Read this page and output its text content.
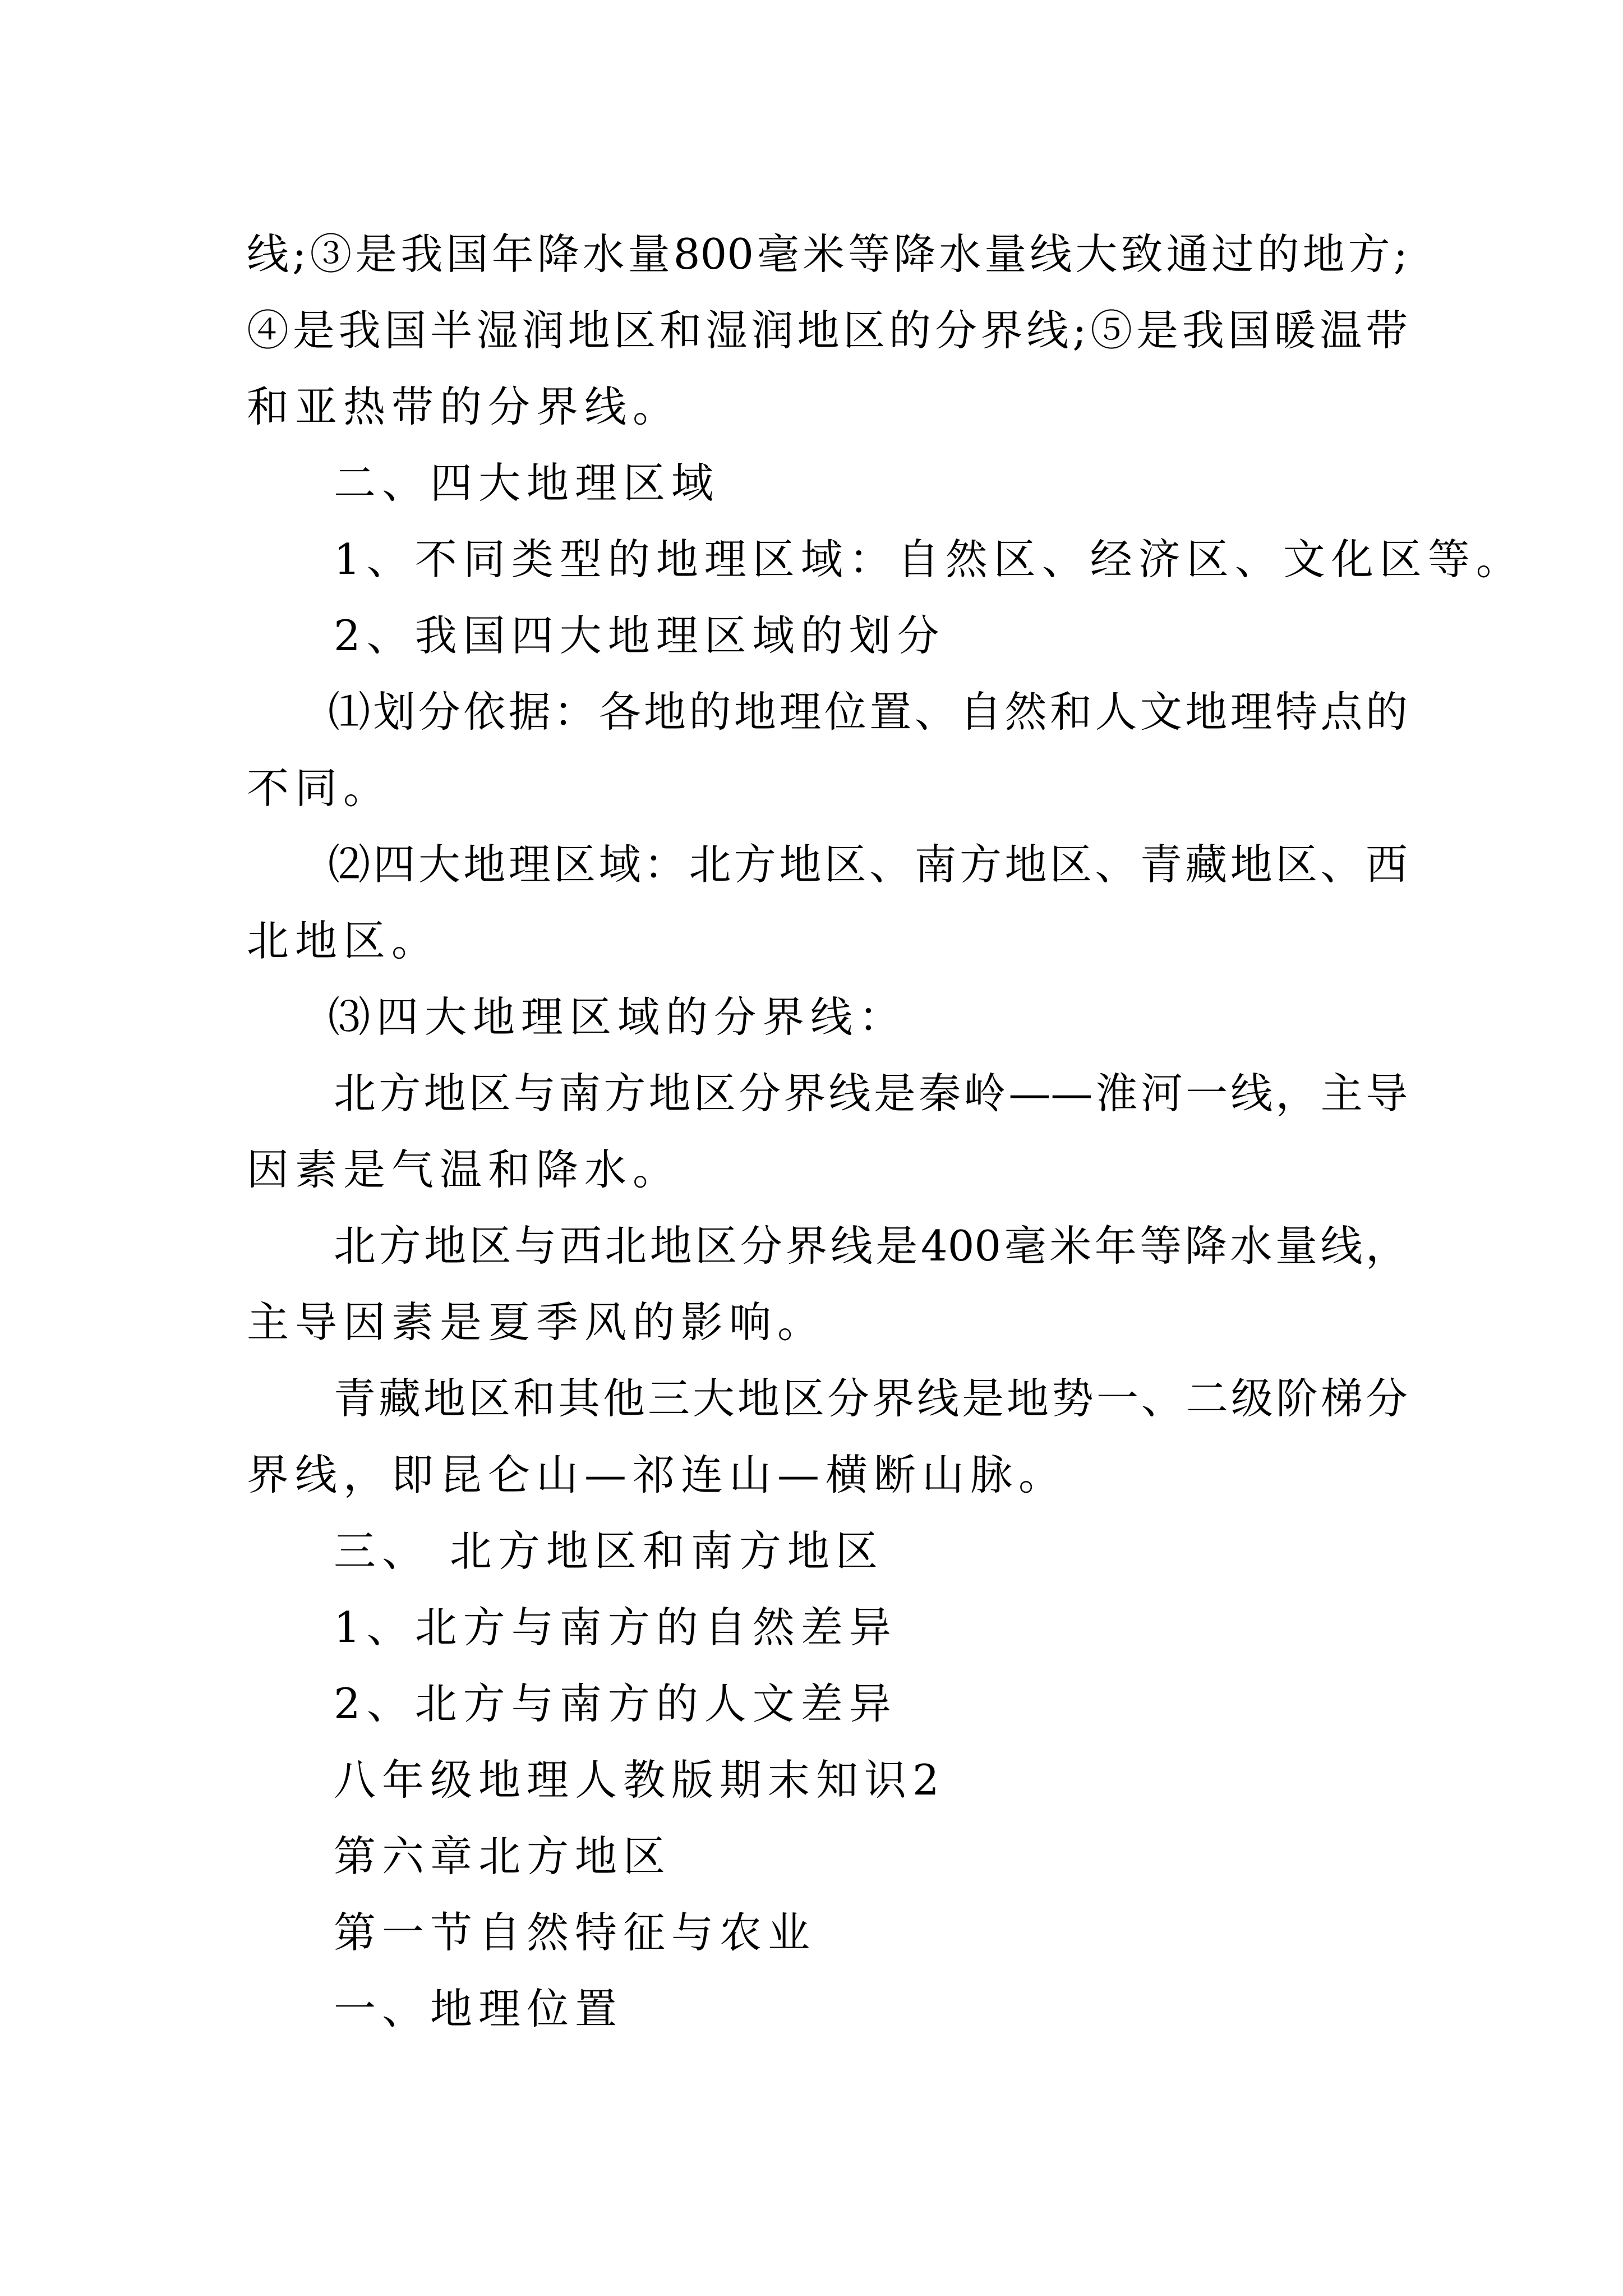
线;③是我国年降水量800毫米等降水量线大致通过的地方;
④是我国半湿润地区和湿润地区的分界线;⑤是我国暖温带
和亚热带的分界线。
二、四大地理区域
1、不同类型的地理区域：自然区、经济区、文化区等。
2、我国四大地理区域的划分
⑴划分依据：各地的地理位置、自然和人文地理特点的
不同。
⑵四大地理区域：北方地区、南方地区、青藏地区、西
北地区。
⑶四大地理区域的分界线：
北方地区与南方地区分界线是秦岭——淮河一线，主导
因素是气温和降水。
北方地区与西北地区分界线是400毫米年等降水量线，
主导因素是夏季风的影响。
青藏地区和其他三大地区分界线是地势一、二级阶梯分
界线，即昆仑山—祁连山—横断山脉。
三、 北方地区和南方地区
1、北方与南方的自然差异
2、北方与南方的人文差异
八年级地理人教版期末知识2
第六章北方地区
第一节自然特征与农业
一、地理位置
